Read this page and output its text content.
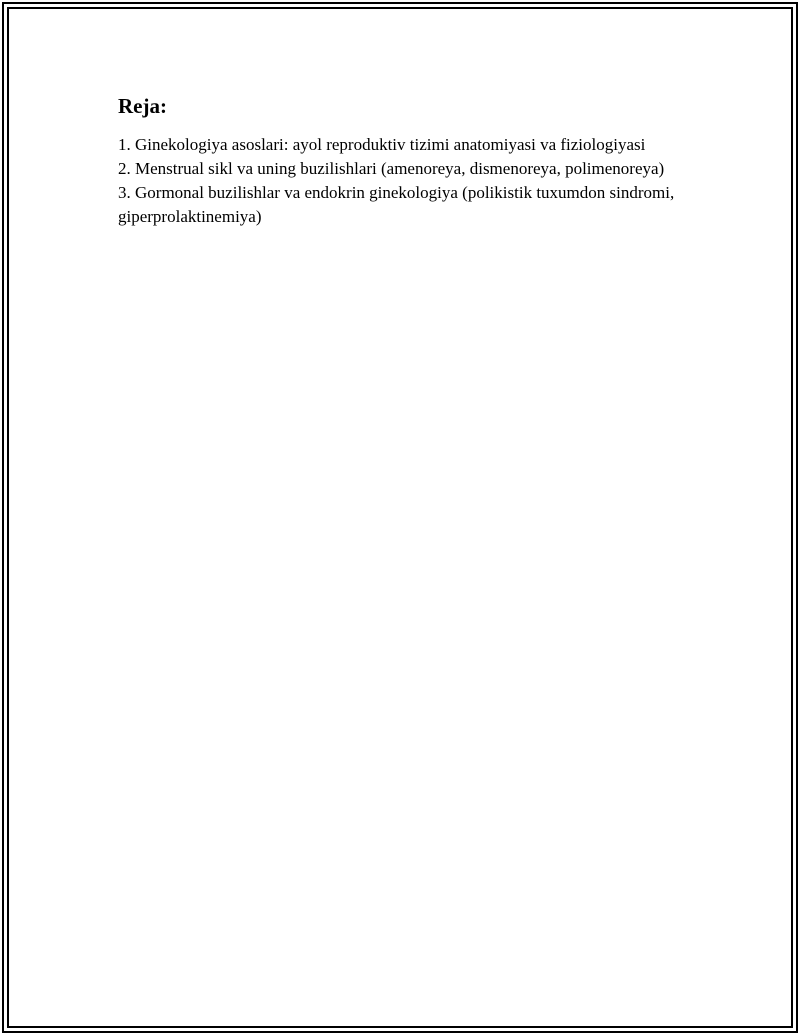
Reja:
1. Ginekologiya asoslari: ayol reproduktiv tizimi anatomiyasi va fiziologiyasi
2. Menstrual sikl va uning buzilishlari (amenoreya, dismenoreya, polimenoreya)
3. Gormonal buzilishlar va endokrin ginekologiya (polikistik tuxumdon sindromi, giperprolaktinemiya)
